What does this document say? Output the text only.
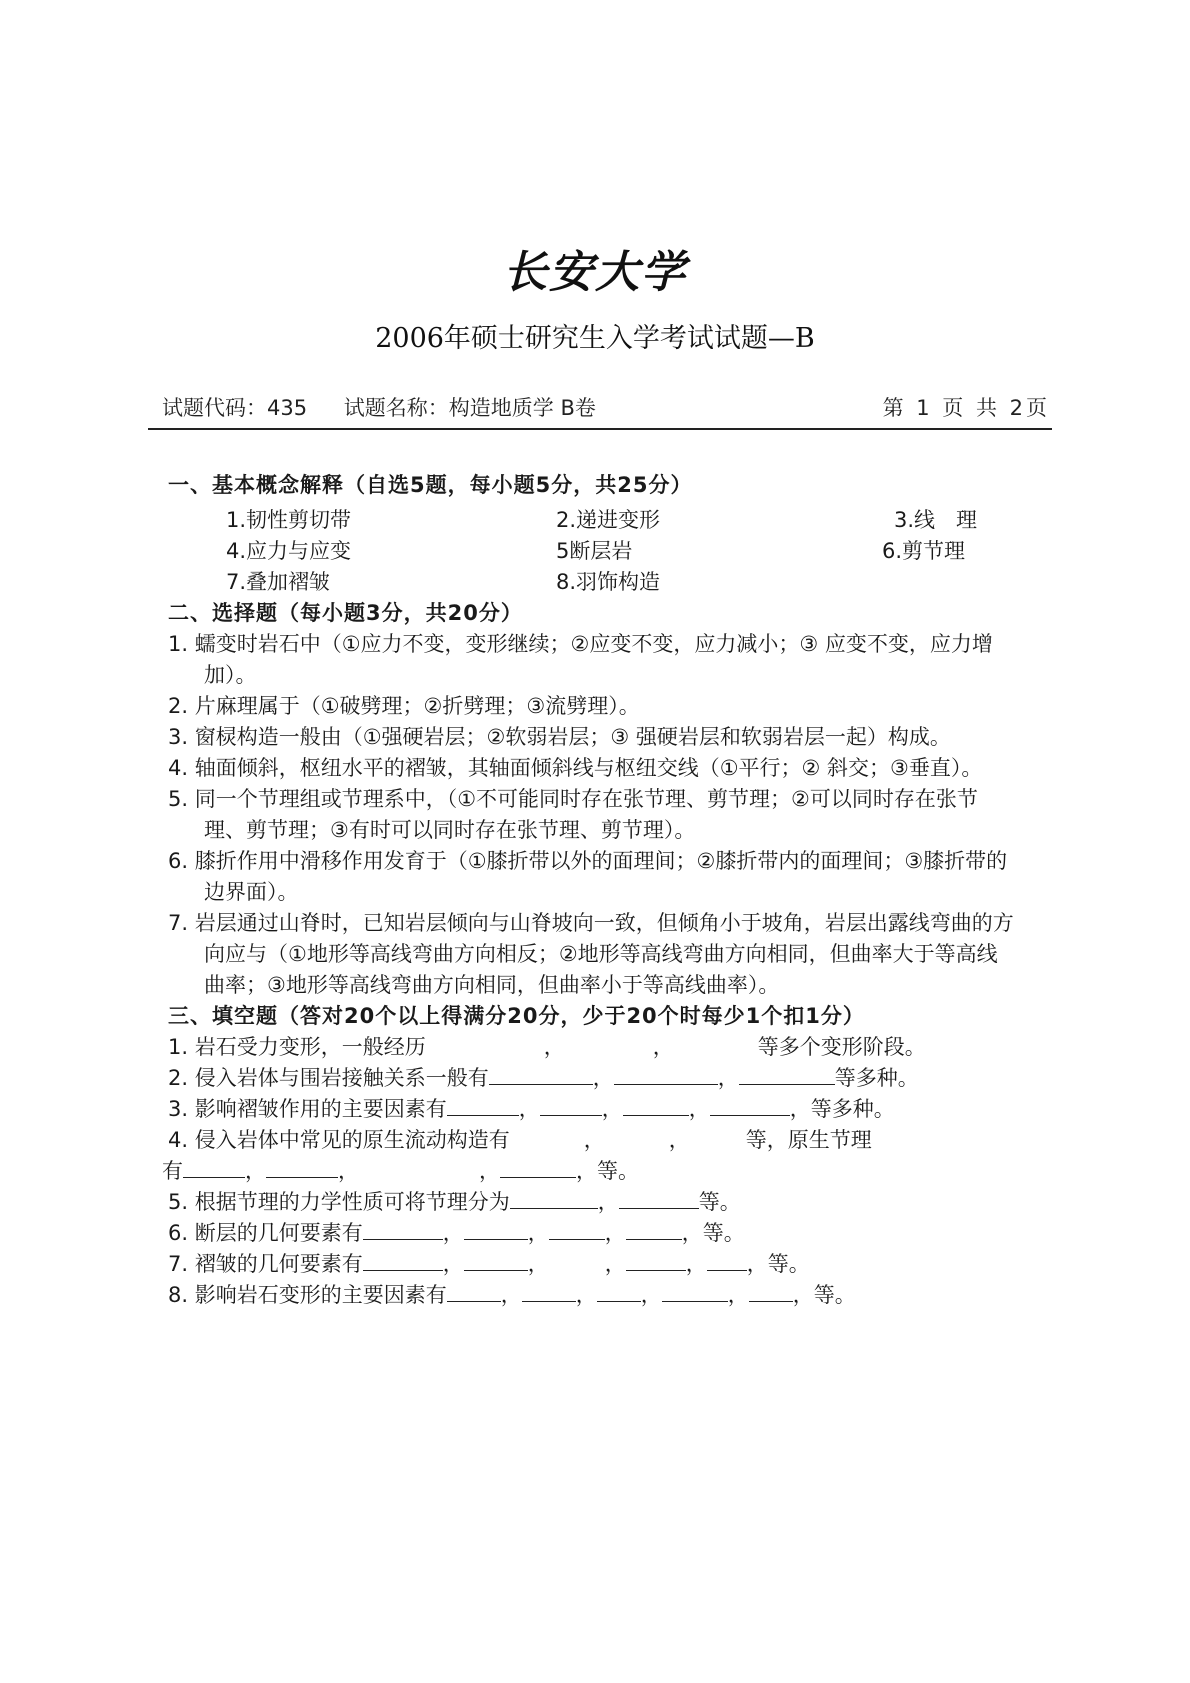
长安大学
2006年硕士研究生入学考试试题—B
试题代码：435 试题名称：构造地质学 B卷	第 1 页 共 2页
一、基本概念解释（自选5题，每小题5分，共25分）
1.韧性剪切带	2.递进变形	3.线　理
4.应力与应变	5断层岩	6.剪节理
7.叠加褶皱	8.羽饰构造
二、选择题（每小题3分，共20分）
1. 蠕变时岩石中（①应力不变，变形继续；②应变不变，应力减小；③ 应变不变，应力增加）。
2. 片麻理属于（①破劈理；②折劈理；③流劈理）。
3. 窗棂构造一般由（①强硬岩层；②软弱岩层；③ 强硬岩层和软弱岩层一起）构成。
4. 轴面倾斜，枢纽水平的褶皱，其轴面倾斜线与枢纽交线（①平行；② 斜交；③垂直）。
5. 同一个节理组或节理系中，（①不可能同时存在张节理、剪节理；②可以同时存在张节理、剪节理；③有时可以同时存在张节理、剪节理）。
6. 膝折作用中滑移作用发育于（①膝折带以外的面理间；②膝折带内的面理间；③膝折带的边界面）。
7. 岩层通过山脊时，已知岩层倾向与山脊坡向一致，但倾角小于坡角，岩层出露线弯曲的方向应与（①地形等高线弯曲方向相反；②地形等高线弯曲方向相同，但曲率大于等高线曲率；③地形等高线弯曲方向相同，但曲率小于等高线曲率）。
三、填空题（答对20个以上得满分20分，少于20个时每少1个扣1分）
1. 岩石受力变形，一般经历	，	，	等多个变形阶段。
2. 侵入岩体与围岩接触关系一般有	，	，	等多种。
3. 影响褶皱作用的主要因素有	，	，	，	，等多种。
4. 侵入岩体中常见的原生流动构造有	，	，	等，原生节理
有	，	，	，	，等。
5. 根据节理的力学性质可将节理分为	，	等。
6. 断层的几何要素有	，	，	，	，等。
7. 褶皱的几何要素有	，	，	，	， ，等。
8. 影响岩石变形的主要因素有	，	， ，	， ，等。
